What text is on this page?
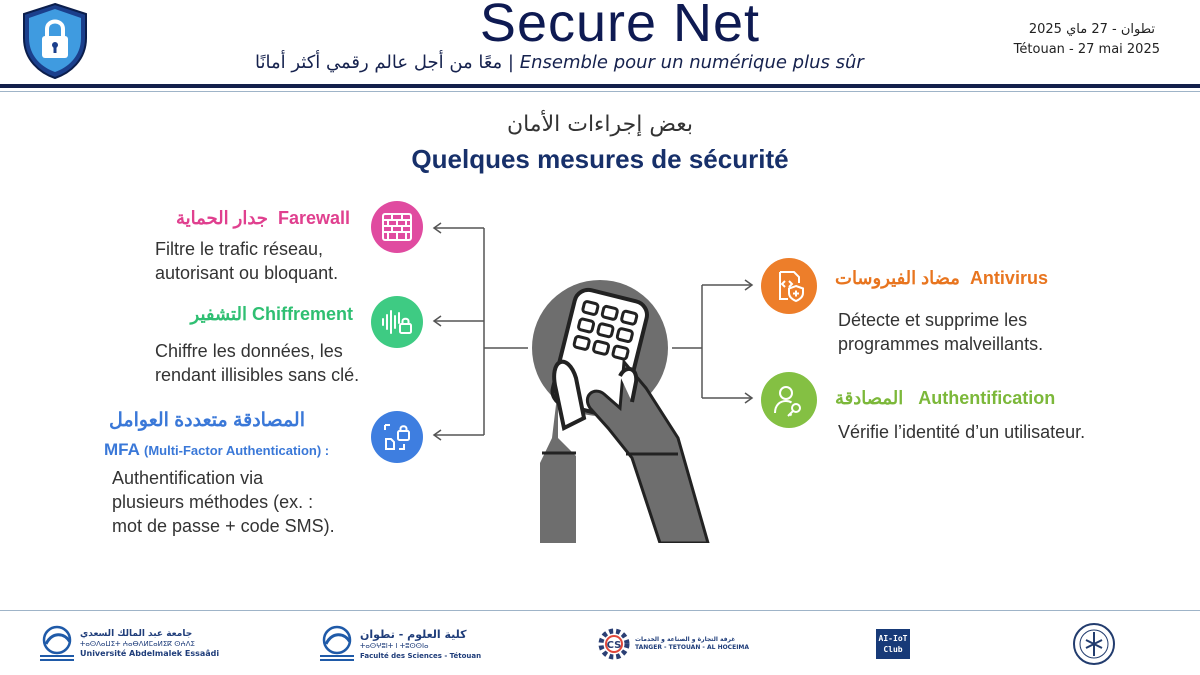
Secure Net
معًا من أجل عالم رقمي أكثر أمانًا | Ensemble pour un numérique plus sûr
تطوان - 27 ماي 2025
Tétouan - 27 mai 2025
بعض إجراءات الأمان
Quelques mesures de sécurité
جدار الحماية Farewall
Filtre le trafic réseau,
autorisant ou bloquant.
التشفير Chiffrement
Chiffre les données, les
rendant illisibles sans clé.
المصادقة متعددة العوامل
MFA (Multi-Factor Authentication) :
Authentification via
plusieurs méthodes (ex. :
mot de passe + code SMS).
مضاد الفيروسات Antivirus
Détecte et supprime les
programmes malveillants.
المصادقة Authentification
Vérifie l’identité d’un utilisateur.
جامعة عبد المالك السعدي
ⵜⴰⵙⴷⴰⵡⵉⵜ ⵄⴰⴱⴷⵍⵎⴰⵍⵉⴽ ⵙⵄⴷⵉ
Université Abdelmalek Essaâdi
كلية العلوم - تطوان
ⵜⴰⵙⵖⵓⵏⵜ ⵏ ⵜⵓⵙⵙⵏⴰ
Faculté des Sciences - Tétouan
CS
غرفة التجارة و الصناعة و الخدمات
TANGER - TETOUAN - AL HOCEIMA
AI-IoT
Club
